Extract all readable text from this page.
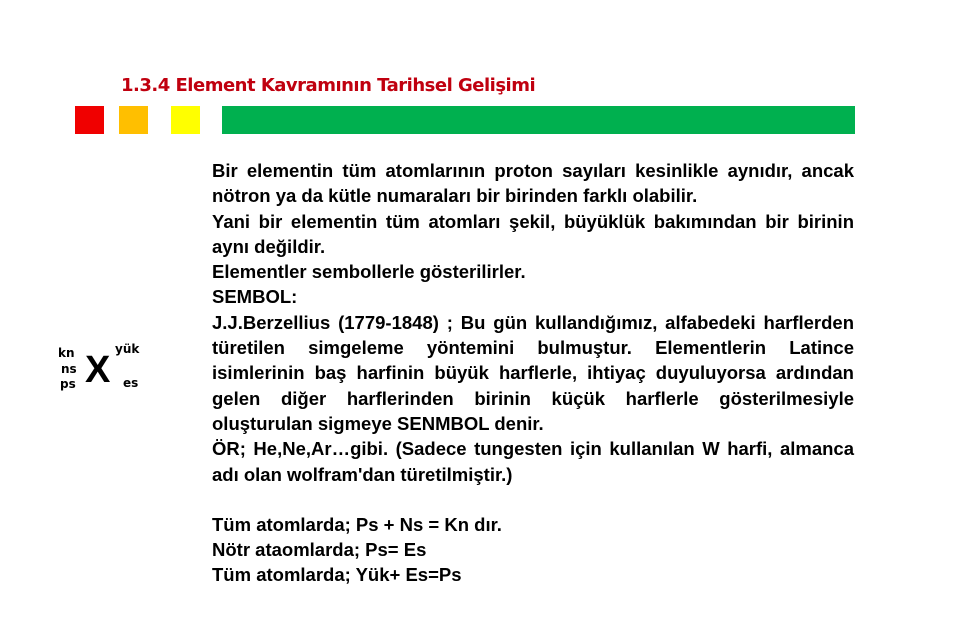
1.3.4 Element Kavramının Tarihsel Gelişimi
kn
ns
ps X yük
es

Bir elementin tüm atomlarının proton sayıları kesinlikle aynıdır, ancak nötron ya da kütle numaraları bir birinden farklı olabilir.

Yani bir elementin tüm atomları şekil, büyüklük bakımından bir birinin aynı değildir.

Elementler sembollerle gösterilirler.

SEMBOL:

J.J.Berzellius (1779-1848) ; Bu gün kullandığımız, alfabedeki harflerden türetilen simgeleme yöntemini bulmuştur. Elementlerin Latince isimlerinin baş harfinin büyük harflerle, ihtiyaç duyuluyorsa ardından gelen diğer harflerinden birinin küçük harflerle gösterilmesiyle oluşturulan sigmeye SENMBOL denir.

ÖR; He,Ne,Ar…gibi. (Sadece tungesten için kullanılan W harfi, almanca adı olan wolfram'dan türetilmiştir.)

Tüm atomlarda; Ps + Ns = Kn dır.

Nötr ataomlarda; Ps= Es

Tüm atomlarda; Yük+ Es=Ps
